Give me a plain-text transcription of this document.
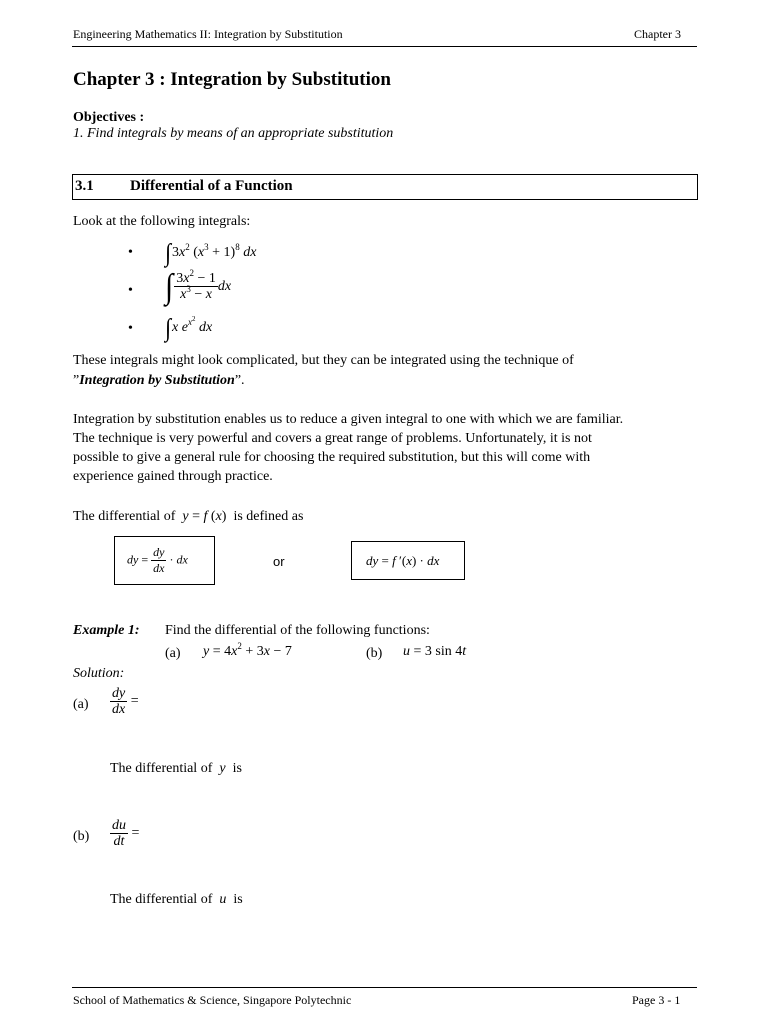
Engineering Mathematics II: Integration by Substitution	Chapter 3
Chapter 3 : Integration by Substitution
Objectives :
1. Find integrals by means of an appropriate substitution
3.1 Differential of a Function
Look at the following integrals:
• $\int 3x^2$ $(x^3 + 1)^8$ dx
• ∫ $\frac{3x^2 - 1}{x^3 - x}$ dx
• ∫x $e^{x^2}$ dx
These integrals might look complicated, but they can be integrated using the technique of
”Integration by Substitution”.
Integration by substitution enables us to reduce a given integral to one with which we are familiar.
The technique is very powerful and covers a great range of problems. Unfortunately, it is not
possible to give a general rule for choosing the required substitution, but this will come with
experience gained through practice.
The differential of y = f (x) is defined as
dy = $\frac{dy}{dx}$ · dx	or	dy = f ′(x) · dx
Example 1: Find the differential of the following functions:
(a) $y = 4x^2 + 3x - 7$	(b) u = 3 sin 4t
Solution:
$(a) \frac{dy}{dx}$ =
The differential of y is
$(b) \frac{du}{dt}$ =
The differential of u is
School of Mathematics & Science, Singapore Polytechnic	Page 3 - 1
